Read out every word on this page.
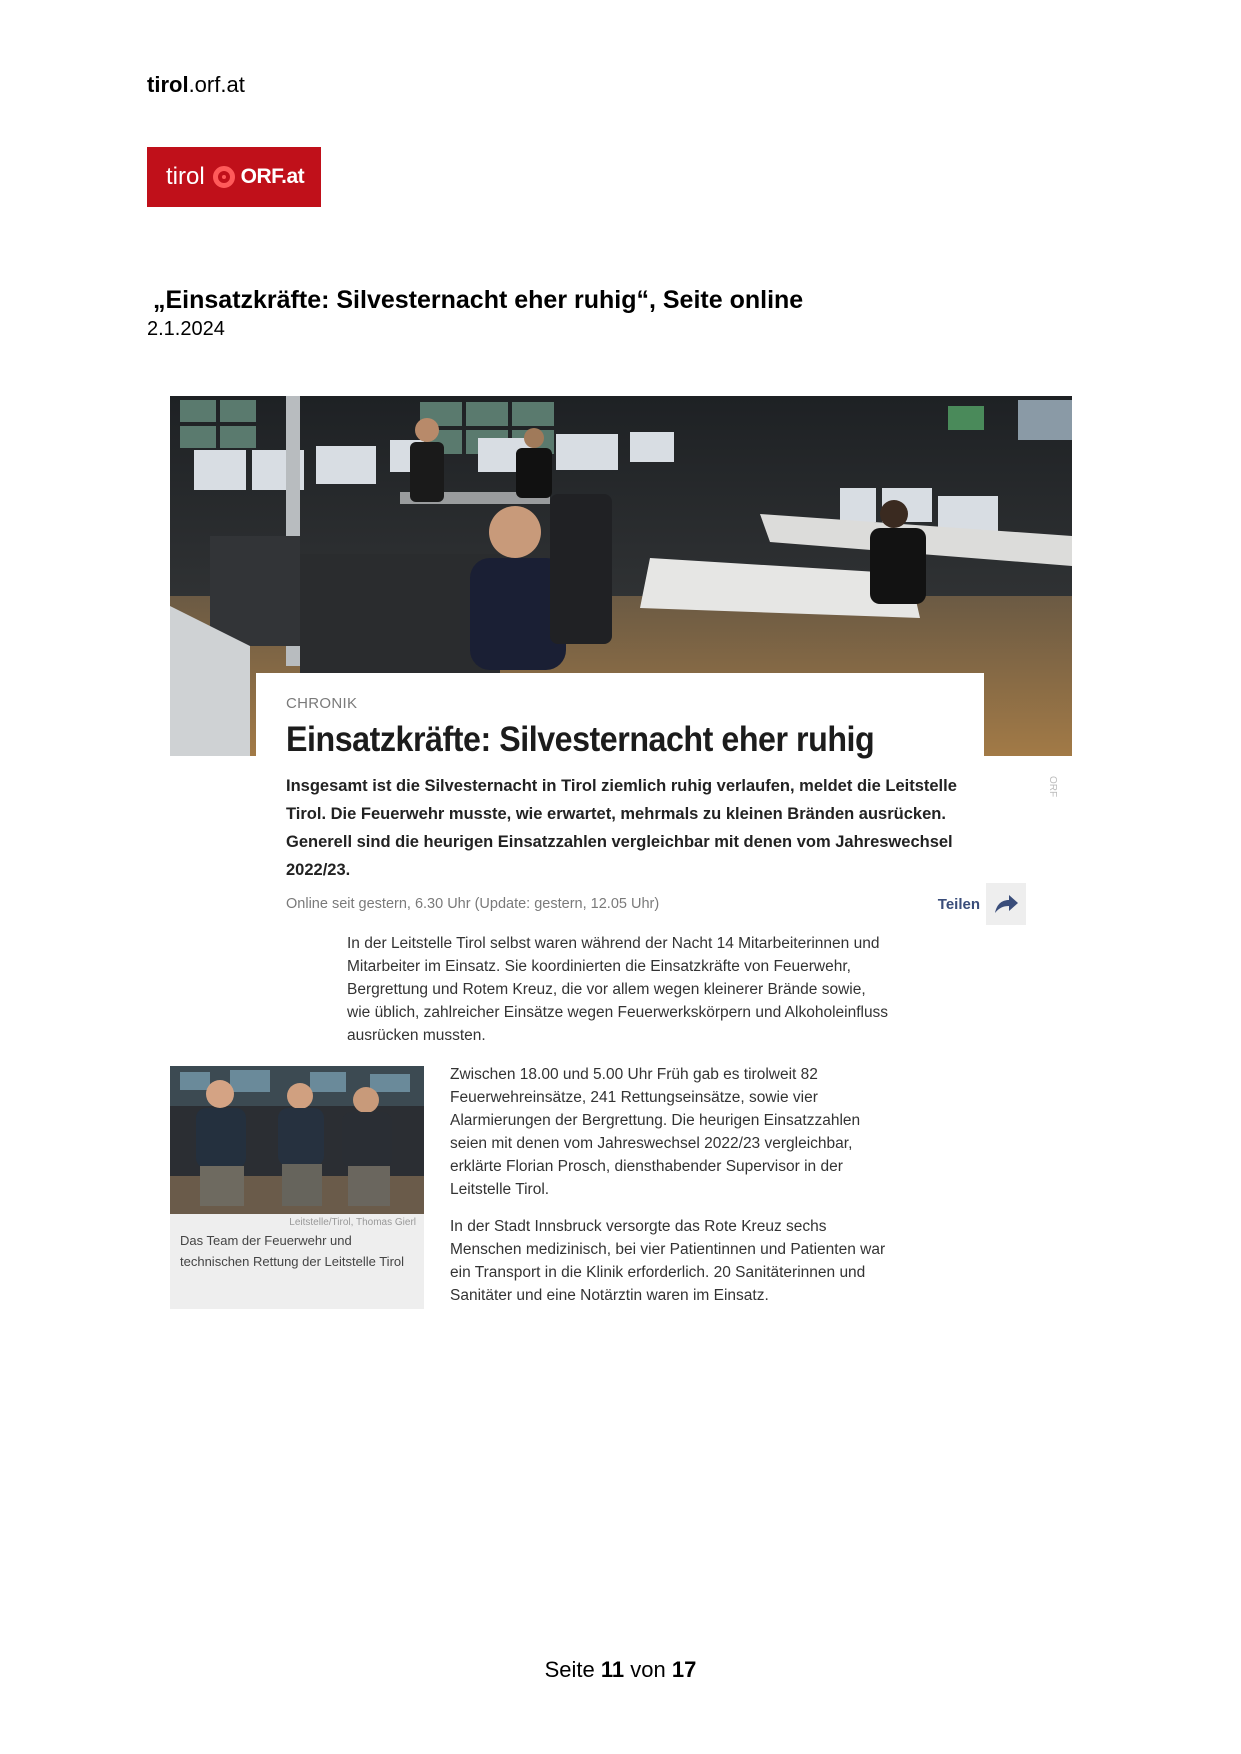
tirol.orf.at
tirol ORF.at
„Einsatzkräfte: Silvesternacht eher ruhig“, Seite online
2.1.2024
CHRONIK
Einsatzkräfte: Silvesternacht eher ruhig
Insgesamt ist die Silvesternacht in Tirol ziemlich ruhig verlaufen, meldet die Leitstelle Tirol. Die Feuerwehr musste, wie erwartet, mehrmals zu kleinen Bränden ausrücken. Generell sind die heurigen Einsatzzahlen vergleichbar mit denen vom Jahreswechsel 2022/23.
Online seit gestern, 6.30 Uhr (Update: gestern, 12.05 Uhr)	Teilen
ORF
In der Leitstelle Tirol selbst waren während der Nacht 14 Mitarbeiterinnen und Mitarbeiter im Einsatz. Sie koordinierten die Einsatzkräfte von Feuerwehr, Bergrettung und Rotem Kreuz, die vor allem wegen kleinerer Brände sowie, wie üblich, zahlreicher Einsätze wegen Feuerwerkskörpern und Alkoholeinfluss ausrücken mussten.
Leitstelle/Tirol, Thomas Gierl
Das Team der Feuerwehr und technischen Rettung der Leitstelle Tirol
Zwischen 18.00 und 5.00 Uhr Früh gab es tirolweit 82 Feuerwehreinsätze, 241 Rettungseinsätze, sowie vier Alarmierungen der Bergrettung. Die heurigen Einsatzzahlen seien mit denen vom Jahreswechsel 2022/23 vergleichbar, erklärte Florian Prosch, diensthabender Supervisor in der Leitstelle Tirol.
In der Stadt Innsbruck versorgte das Rote Kreuz sechs Menschen medizinisch, bei vier Patientinnen und Patienten war ein Transport in die Klinik erforderlich. 20 Sanitäterinnen und Sanitäter und eine Notärztin waren im Einsatz.
Seite 11 von 17
